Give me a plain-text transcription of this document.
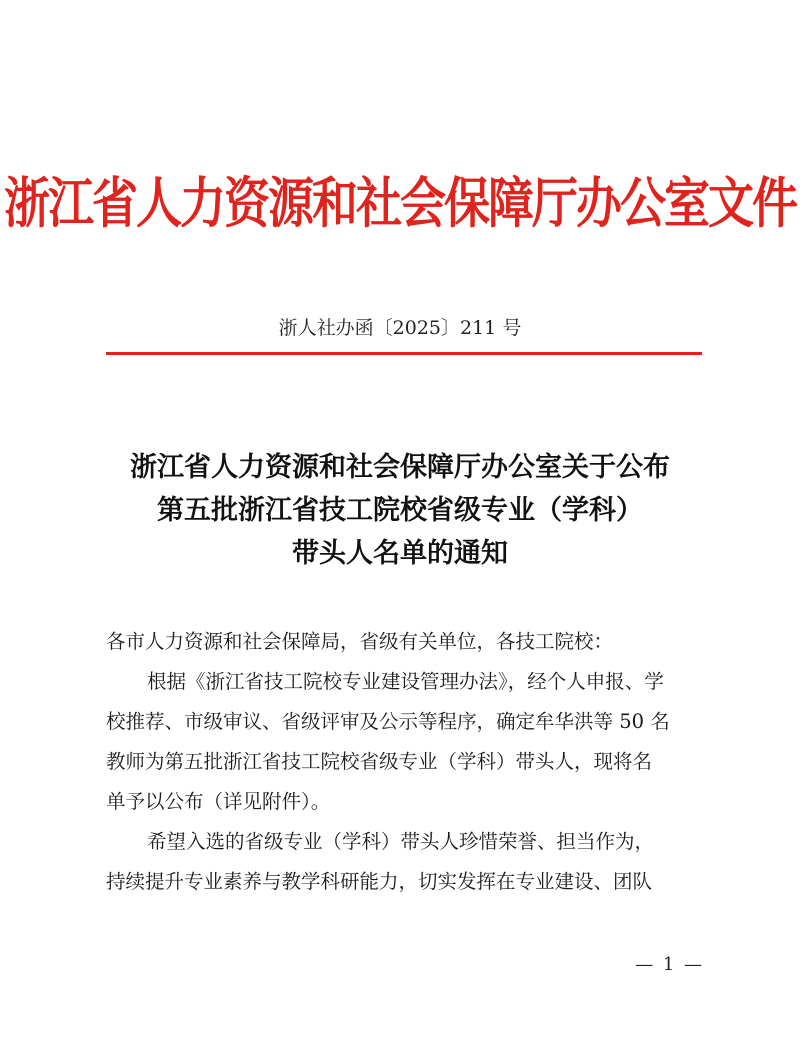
浙江省人力资源和社会保障厅办公室文件
浙人社办函〔2025〕211 号
浙江省人力资源和社会保障厅办公室关于公布
第五批浙江省技工院校省级专业（学科）
带头人名单的通知

各市人力资源和社会保障局，省级有关单位，各技工院校：

根据《浙江省技工院校专业建设管理办法》，经个人申报、学

校推荐、市级审议、省级评审及公示等程序，确定牟华洪等 50 名

教师为第五批浙江省技工院校省级专业（学科）带头人，现将名

单予以公布（详见附件）。

希望入选的省级专业（学科）带头人珍惜荣誉、担当作为，

持续提升专业素养与教学科研能力，切实发挥在专业建设、团队

— 1 —
